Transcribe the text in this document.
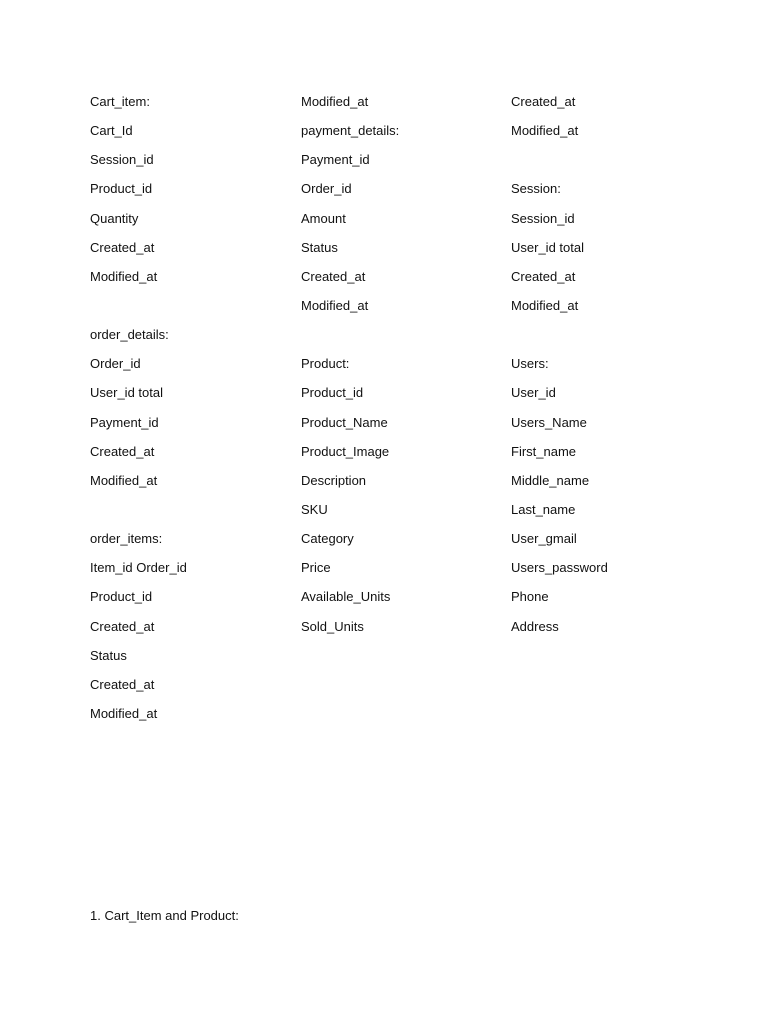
Cart_item:
Cart_Id
Session_id
Product_id
Quantity
Created_at
Modified_at
order_details:
Order_id
User_id total
Payment_id
Created_at
Modified_at
order_items:
Item_id Order_id
Product_id
Created_at
Status
Created_at
Modified_at
Modified_at
payment_details:
Payment_id
Order_id
Amount
Status
Created_at
Modified_at
Product:
Product_id
Product_Name
Product_Image
Description
SKU
Category
Price
Available_Units
Sold_Units
Created_at
Modified_at
Session:
Session_id
User_id total
Created_at
Modified_at
Users:
User_id
Users_Name
First_name
Middle_name
Last_name
User_gmail
Users_password
Phone
Address
1. Cart_Item and Product:
